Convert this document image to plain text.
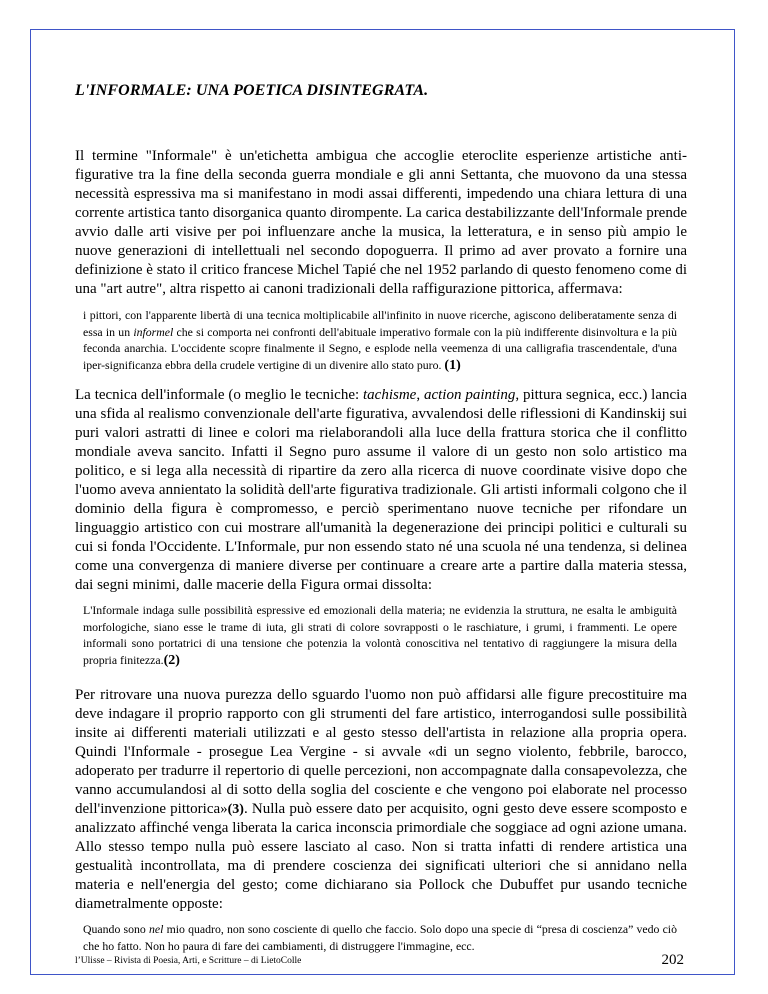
L'INFORMALE: UNA POETICA DISINTEGRATA.

Il termine "Informale" è un'etichetta ambigua che accoglie eteroclite esperienze artistiche anti-figurative tra la fine della seconda guerra mondiale e gli anni Settanta, che muovono da una stessa necessità espressiva ma si manifestano in modi assai differenti, impedendo una chiara lettura di una corrente artistica tanto disorganica quanto dirompente. La carica destabilizzante dell'Informale prende avvio dalle arti visive per poi influenzare anche la musica, la letteratura, e in senso più ampio le nuove generazioni di intellettuali nel secondo dopoguerra. Il primo ad aver provato a fornire una definizione è stato il critico francese Michel Tapié che nel 1952 parlando di questo fenomeno come di una "art autre", altra rispetto ai canoni tradizionali della raffigurazione pittorica, affermava:

i pittori, con l'apparente libertà di una tecnica moltiplicabile all'infinito in nuove ricerche, agiscono deliberatamente senza di essa in un informel che si comporta nei confronti dell'abituale imperativo formale con la più indifferente disinvoltura e la più feconda anarchia. L'occidente scopre finalmente il Segno, e esplode nella veemenza di una calligrafia trascendentale, d'una iper-significanza ebbra della crudele vertigine di un divenire allo stato puro. (1)

La tecnica dell'informale (o meglio le tecniche: tachisme, action painting, pittura segnica, ecc.) lancia una sfida al realismo convenzionale dell'arte figurativa, avvalendosi delle riflessioni di Kandinskij sui puri valori astratti di linee e colori ma rielaborandoli alla luce della frattura storica che il conflitto mondiale aveva sancito. Infatti il Segno puro assume il valore di un gesto non solo artistico ma politico, e si lega alla necessità di ripartire da zero alla ricerca di nuove coordinate visive dopo che l'uomo aveva annientato la solidità dell'arte figurativa tradizionale. Gli artisti informali colgono che il dominio della figura è compromesso, e perciò sperimentano nuove tecniche per rifondare un linguaggio artistico con cui mostrare all'umanità la degenerazione dei principi politici e culturali su cui si fonda l'Occidente. L'Informale, pur non essendo stato né una scuola né una tendenza, si delinea come una convergenza di maniere diverse per continuare a creare arte a partire dalla materia stessa, dai segni minimi, dalle macerie della Figura ormai dissolta:

L'Informale indaga sulle possibilità espressive ed emozionali della materia; ne evidenzia la struttura, ne esalta le ambiguità morfologiche, siano esse le trame di iuta, gli strati di colore sovrapposti o le raschiature, i grumi, i frammenti. Le opere informali sono portatrici di una tensione che potenzia la volontà conoscitiva nel tentativo di raggiungere la misura della propria finitezza.(2)

Per ritrovare una nuova purezza dello sguardo l'uomo non può affidarsi alle figure precostituire ma deve indagare il proprio rapporto con gli strumenti del fare artistico, interrogandosi sulle possibilità insite ai differenti materiali utilizzati e al gesto stesso dell'artista in relazione alla propria opera. Quindi l'Informale - prosegue Lea Vergine - si avvale «di un segno violento, febbrile, barocco, adoperato per tradurre il repertorio di quelle percezioni, non accompagnate dalla consapevolezza, che vanno accumulandosi al di sotto della soglia del cosciente e che vengono poi elaborate nel processo dell'invenzione pittorica»(3). Nulla può essere dato per acquisito, ogni gesto deve essere scomposto e analizzato affinché venga liberata la carica inconscia primordiale che soggiace ad ogni azione umana. Allo stesso tempo nulla può essere lasciato al caso. Non si tratta infatti di rendere artistica una gestualità incontrollata, ma di prendere coscienza dei significati ulteriori che si annidano nella materia e nell'energia del gesto; come dichiarano sia Pollock che Dubuffet pur usando tecniche diametralmente opposte:

Quando sono nel mio quadro, non sono cosciente di quello che faccio. Solo dopo una specie di “presa di coscienza” vedo ciò che ho fatto. Non ho paura di fare dei cambiamenti, di distruggere l'immagine, ecc.

l’Ulisse – Rivista di Poesia, Arti, e Scritture – di LietoColle	202
